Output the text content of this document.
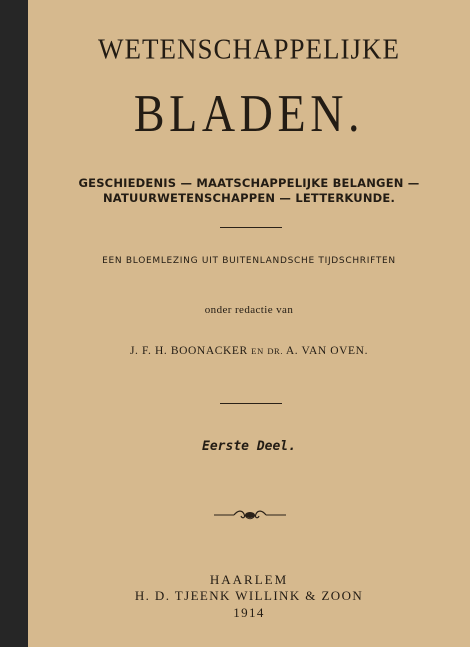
WETENSCHAPPELIJKE
BLADEN.
GESCHIEDENIS — MAATSCHAPPELIJKE BELANGEN —
NATUURWETENSCHAPPEN — LETTERKUNDE.
EEN BLOEMLEZING UIT BUITENLANDSCHE TIJDSCHRIFTEN
onder redactie van
J. F. H. BOONACKER EN DR. A. VAN OVEN.
Eerste Deel.
HAARLEM
H. D. TJEENK WILLINK & ZOON
1914
